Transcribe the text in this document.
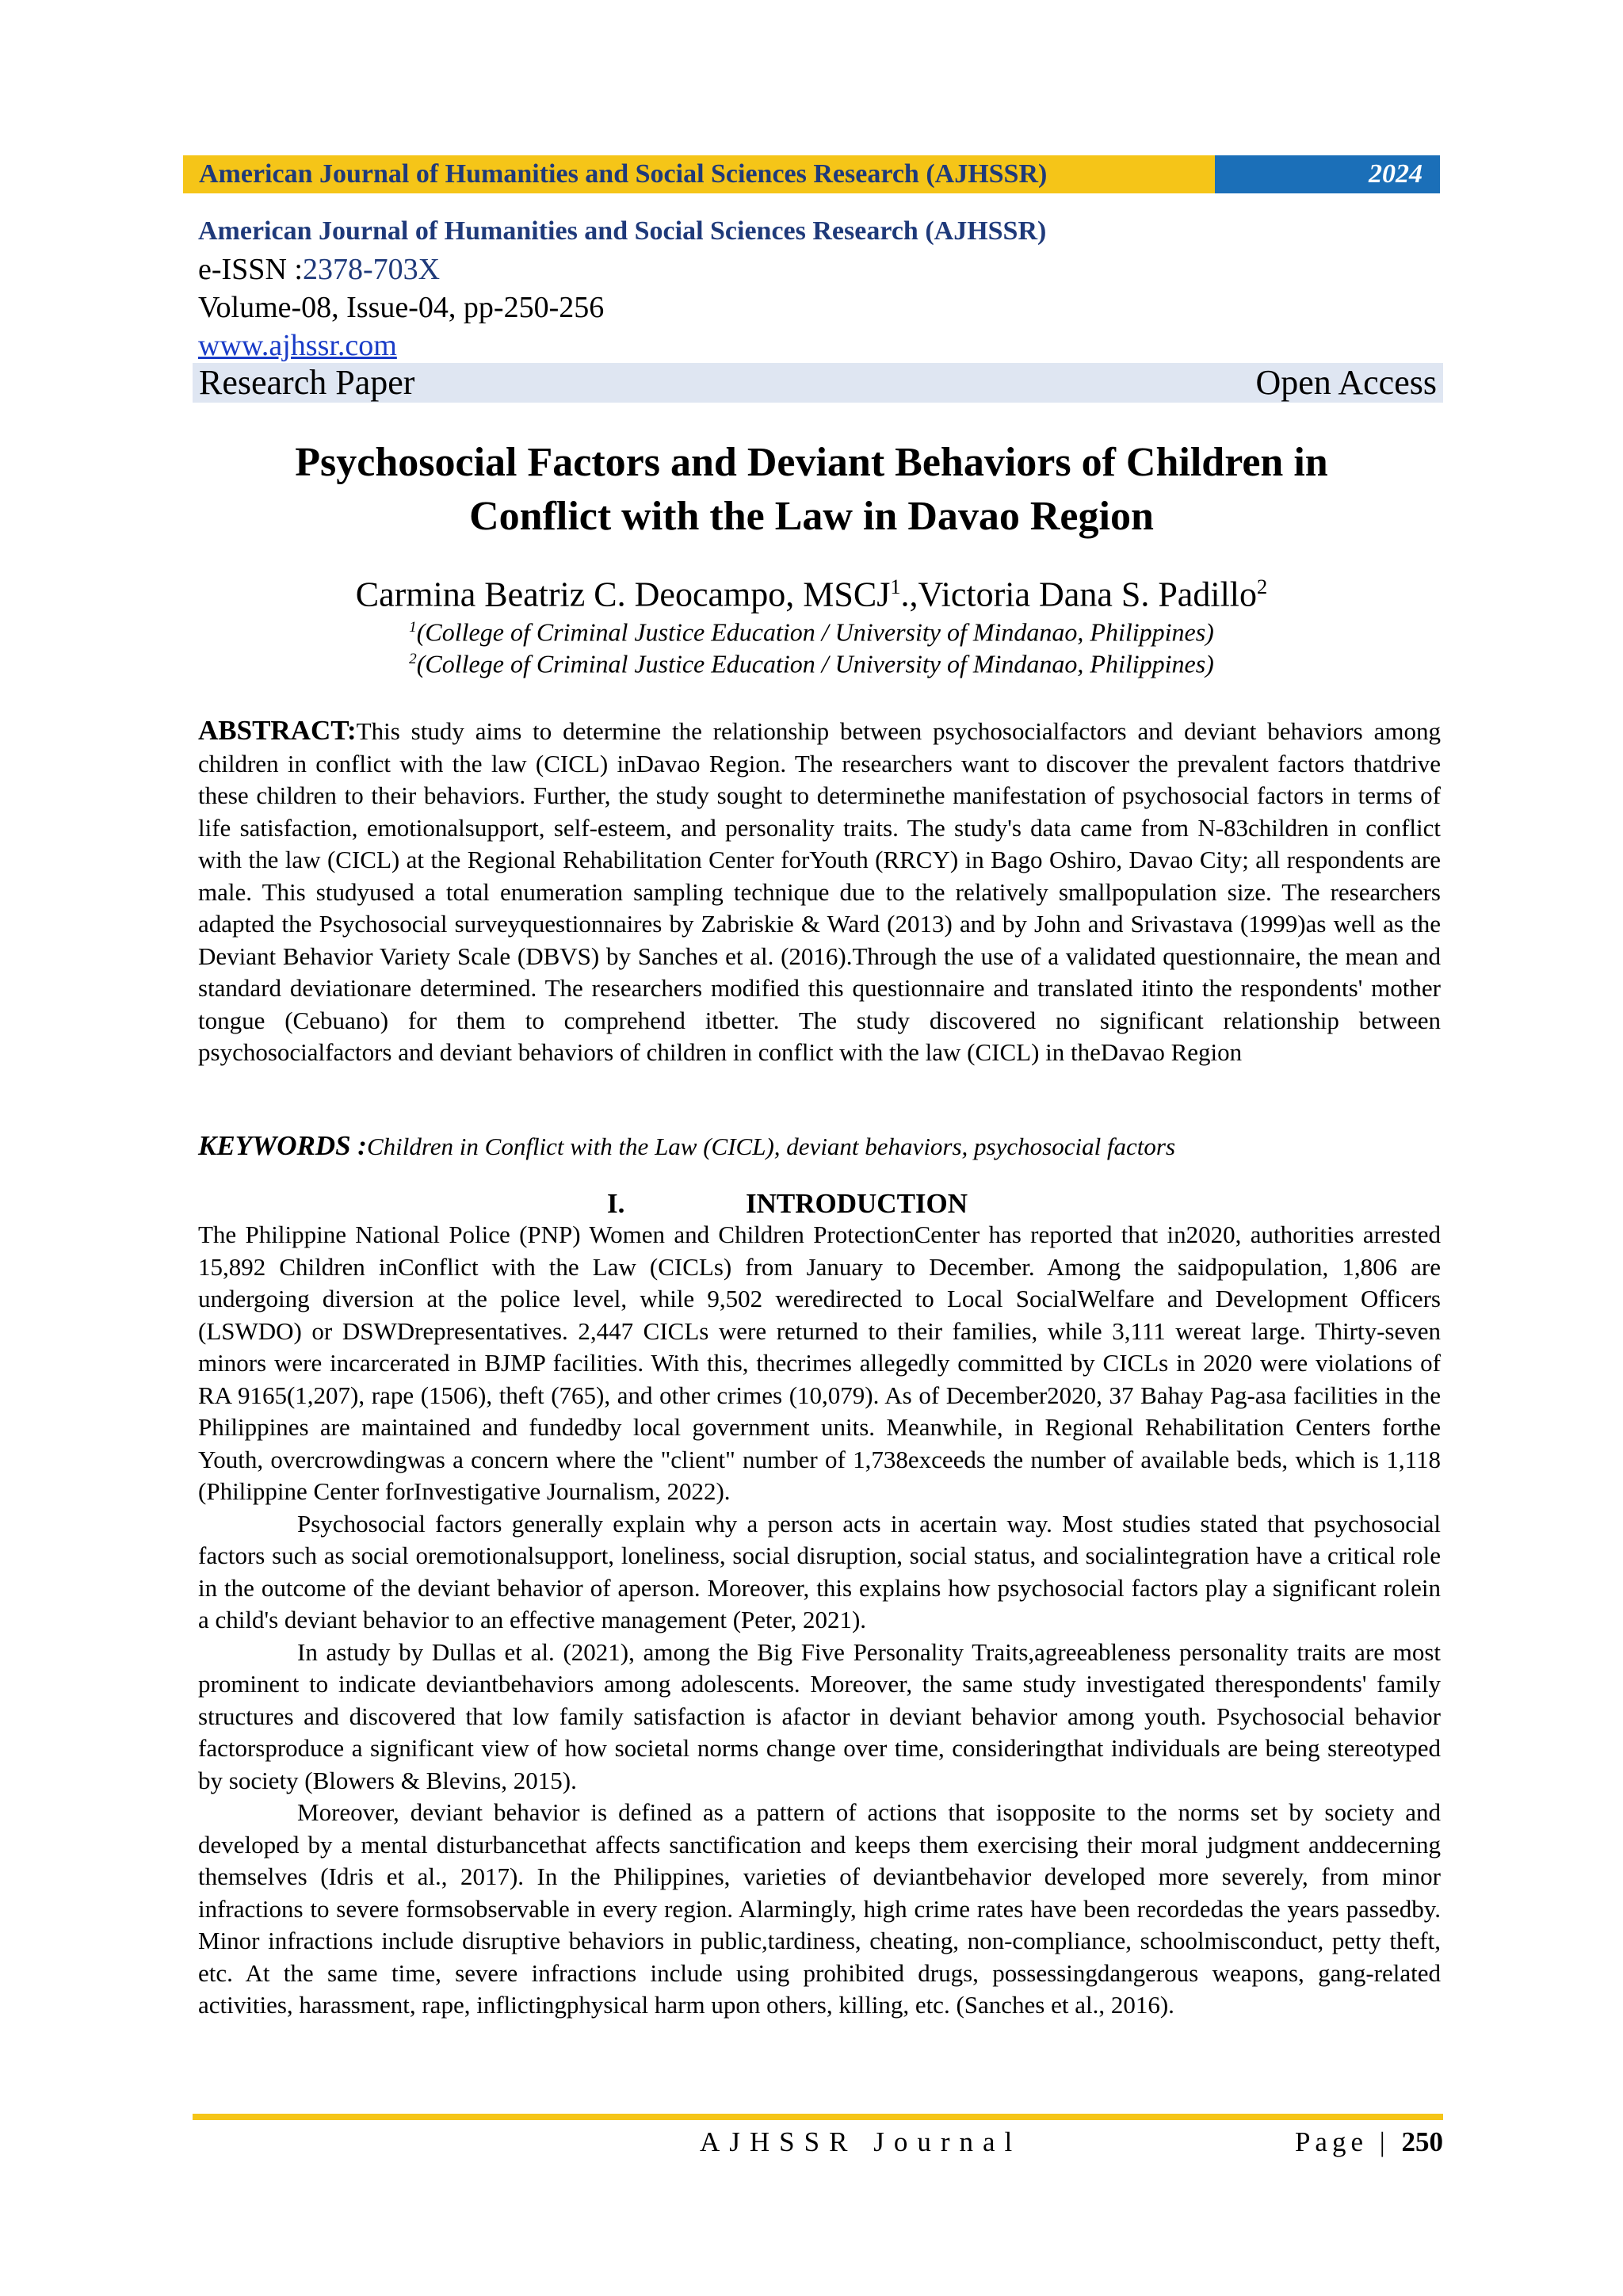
American Journal of Humanities and Social Sciences Research (AJHSSR)	2024
American Journal of Humanities and Social Sciences Research (AJHSSR)
e-ISSN :2378-703X
Volume-08, Issue-04, pp-250-256
www.ajhssr.com
Research Paper	Open Access
Psychosocial Factors and Deviant Behaviors of Children in
Conflict with the Law in Davao Region
Carmina Beatriz C. Deocampo, MSCJ$^1$.,Victoria Dana S. Padillo$^2$
$^1$(College of Criminal Justice Education / University of Mindanao, Philippines)
$^2$(College of Criminal Justice Education / University of Mindanao, Philippines)
ABSTRACT:This study aims to determine the relationship between psychosocialfactors and deviant behaviors among children in conflict with the law (CICL) inDavao Region. The researchers want to discover the prevalent factors thatdrive these children to their behaviors. Further, the study sought to determinethe manifestation of psychosocial factors in terms of life satisfaction, emotionalsupport, self-esteem, and personality traits. The study's data came from N-83children in conflict with the law (CICL) at the Regional Rehabilitation Center forYouth (RRCY) in Bago Oshiro, Davao City; all respondents are male. This studyused a total enumeration sampling technique due to the relatively smallpopulation size. The researchers adapted the Psychosocial surveyquestionnaires by Zabriskie & Ward (2013) and by John and Srivastava (1999)as well as the Deviant Behavior Variety Scale (DBVS) by Sanches et al. (2016).Through the use of a validated questionnaire, the mean and standard deviationare determined. The researchers modified this questionnaire and translated itinto the respondents' mother tongue (Cebuano) for them to comprehend itbetter. The study discovered no significant relationship between psychosocialfactors and deviant behaviors of children in conflict with the law (CICL) in theDavao Region
KEYWORDS :Children in Conflict with the Law (CICL), deviant behaviors, psychosocial factors
I.	INTRODUCTION

The Philippine National Police (PNP) Women and Children ProtectionCenter has reported that in2020, authorities arrested 15,892 Children inConflict with the Law (CICLs) from January to December. Among the saidpopulation, 1,806 are undergoing diversion at the police level, while 9,502 weredirected to Local SocialWelfare and Development Officers (LSWDO) or DSWDrepresentatives. 2,447 CICLs were returned to their families, while 3,111 wereat large. Thirty-seven minors were incarcerated in BJMP facilities. With this, thecrimes allegedly committed by CICLs in 2020 were violations of RA 9165(1,207), rape (1506), theft (765), and other crimes (10,079). As of December2020, 37 Bahay Pag-asa facilities in the Philippines are maintained and fundedby local government units. Meanwhile, in Regional Rehabilitation Centers forthe Youth, overcrowdingwas a concern where the "client" number of 1,738exceeds the number of available beds, which is 1,118 (Philippine Center forInvestigative Journalism, 2022).

Psychosocial factors generally explain why a person acts in acertain way. Most studies stated that psychosocial factors such as social oremotionalsupport, loneliness, social disruption, social status, and socialintegration have a critical role in the outcome of the deviant behavior of aperson. Moreover, this explains how psychosocial factors play a significant rolein a child's deviant behavior to an effective management (Peter, 2021).

In astudy by Dullas et al. (2021), among the Big Five Personality Traits,agreeableness personality traits are most prominent to indicate deviantbehaviors among adolescents. Moreover, the same study investigated therespondents' family structures and discovered that low family satisfaction is afactor in deviant behavior among youth. Psychosocial behavior factorsproduce a significant view of how societal norms change over time, consideringthat individuals are being stereotyped by society (Blowers & Blevins, 2015).

Moreover, deviant behavior is defined as a pattern of actions that isopposite to the norms set by society and developed by a mental disturbancethat affects sanctification and keeps them exercising their moral judgment anddecerning themselves (Idris et al., 2017). In the Philippines, varieties of deviantbehavior developed more severely, from minor infractions to severe formsobservable in every region. Alarmingly, high crime rates have been recordedas the years passedby. Minor infractions include disruptive behaviors in public,tardiness, cheating, non-compliance, schoolmisconduct, petty theft, etc. At the same time, severe infractions include using prohibited drugs, possessingdangerous weapons, gang-related activities, harassment, rape, inflictingphysical harm upon others, killing, etc. (Sanches et al., 2016).

AJHSSR Journal	Page | 250
